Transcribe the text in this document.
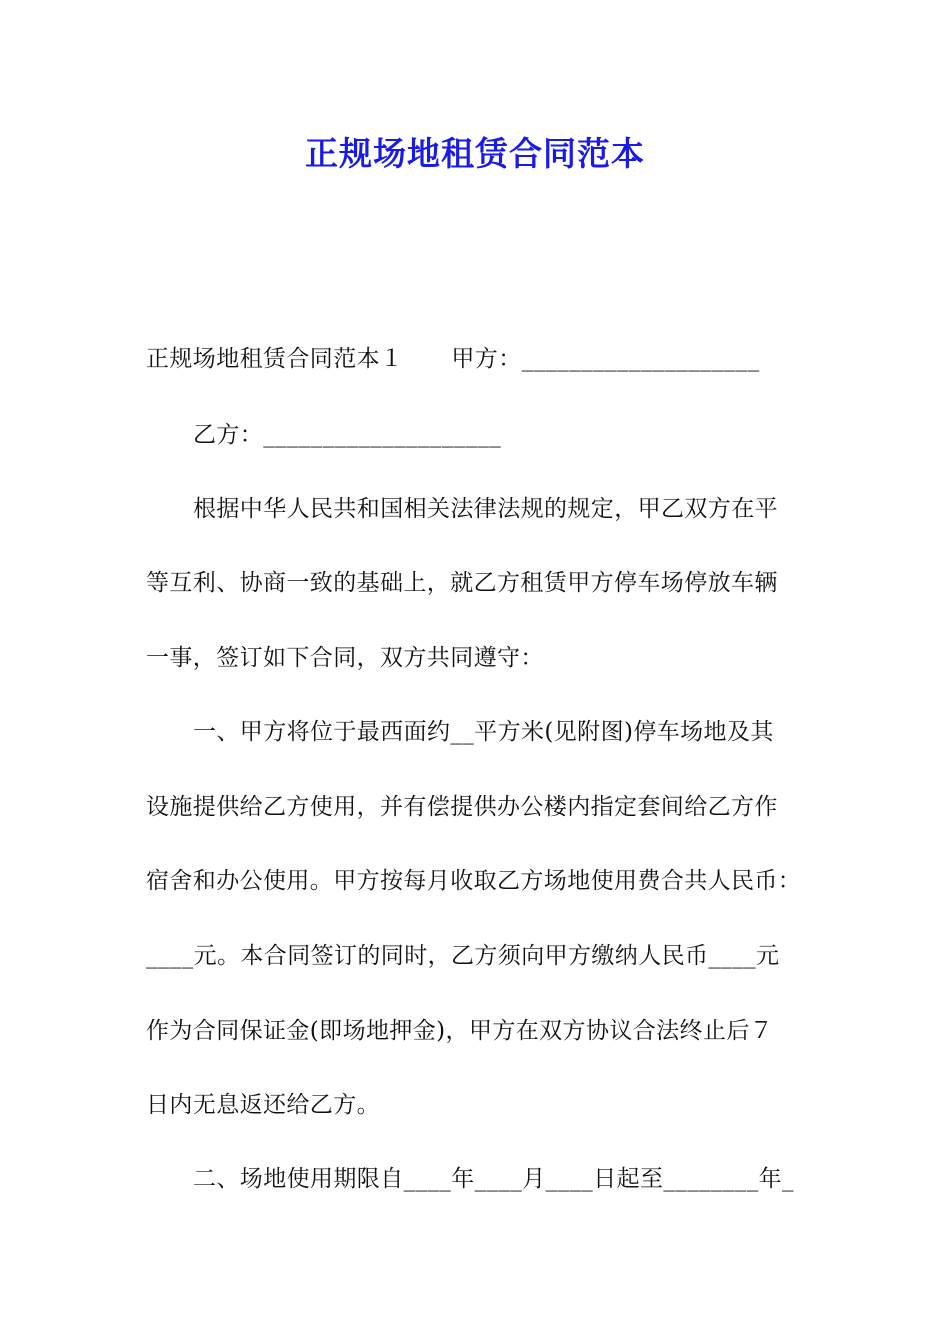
正规场地租赁合同范本
正规场地租赁合同范本１ 甲方：____________________
乙方：____________________
根据中华人民共和国相关法律法规的规定，甲乙双方在平
等互利、协商一致的基础上，就乙方租赁甲方停车场停放车辆
一事，签订如下合同，双方共同遵守：
一、甲方将位于最西面约__平方米(见附图)停车场地及其
设施提供给乙方使用，并有偿提供办公楼内指定套间给乙方作
宿舍和办公使用。甲方按每月收取乙方场地使用费合共人民币：
____元。本合同签订的同时，乙方须向甲方缴纳人民币____元
作为合同保证金(即场地押金)，甲方在双方协议合法终止后７
日内无息返还给乙方。
二、场地使用期限自____年____月____日起至________年_
